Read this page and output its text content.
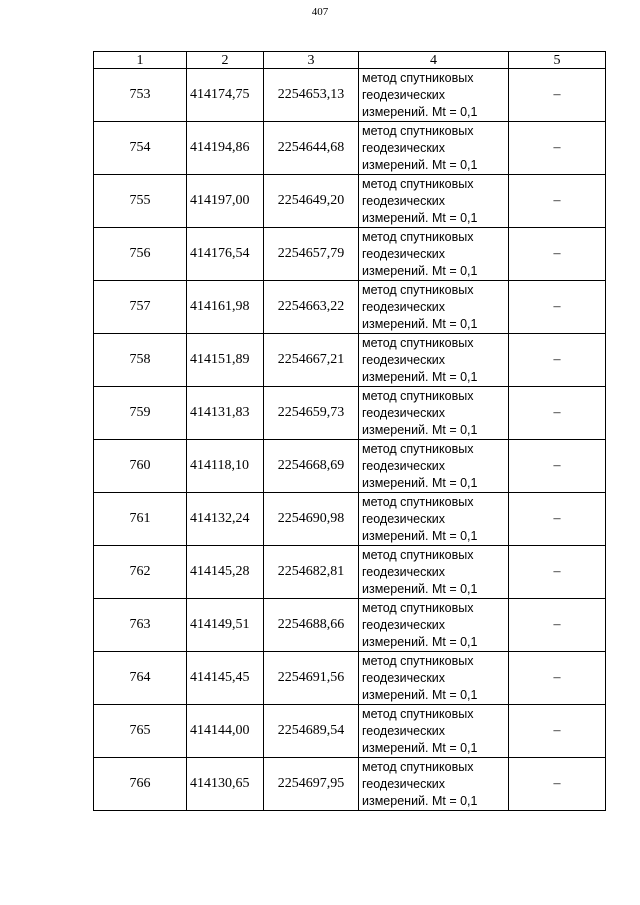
407
1	2	3	4	5
753	414174,75	2254653,13	метод спутниковых
геодезических
измерений. Mt = 0,1	–
754	414194,86	2254644,68	метод спутниковых
геодезических
измерений. Mt = 0,1	–
755	414197,00	2254649,20	метод спутниковых
геодезических
измерений. Mt = 0,1	–
756	414176,54	2254657,79	метод спутниковых
геодезических
измерений. Mt = 0,1	–
757	414161,98	2254663,22	метод спутниковых
геодезических
измерений. Mt = 0,1	–
758	414151,89	2254667,21	метод спутниковых
геодезических
измерений. Mt = 0,1	–
759	414131,83	2254659,73	метод спутниковых
геодезических
измерений. Mt = 0,1	–
760	414118,10	2254668,69	метод спутниковых
геодезических
измерений. Mt = 0,1	–
761	414132,24	2254690,98	метод спутниковых
геодезических
измерений. Mt = 0,1	–
762	414145,28	2254682,81	метод спутниковых
геодезических
измерений. Mt = 0,1	–
763	414149,51	2254688,66	метод спутниковых
геодезических
измерений. Mt = 0,1	–
764	414145,45	2254691,56	метод спутниковых
геодезических
измерений. Mt = 0,1	–
765	414144,00	2254689,54	метод спутниковых
геодезических
измерений. Mt = 0,1	–
766	414130,65	2254697,95	метод спутниковых
геодезических
измерений. Mt = 0,1	–
